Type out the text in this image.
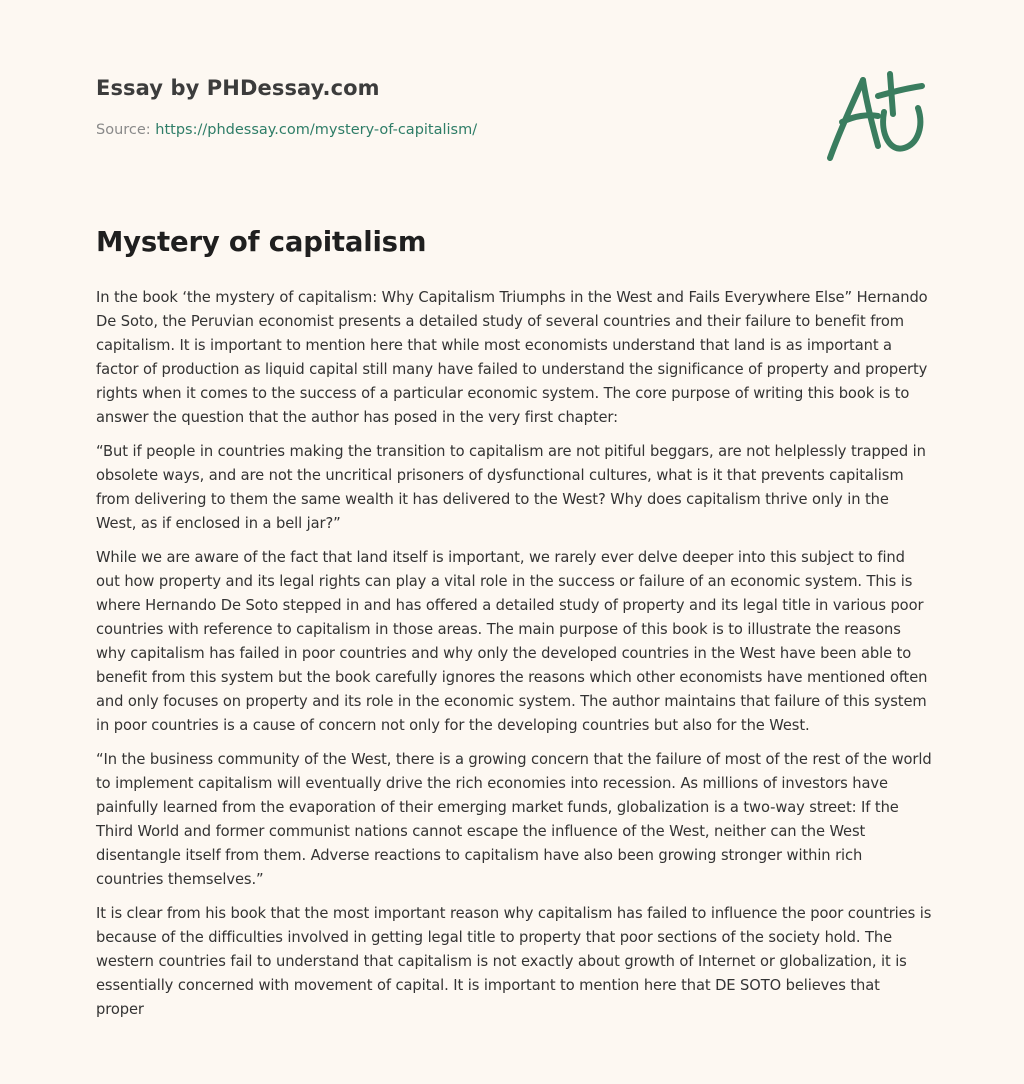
Essay by PHDessay.com
Source: https://phdessay.com/mystery-of-capitalism/
Mystery of capitalism

In the book ‘the mystery of capitalism: Why Capitalism Triumphs in the West and Fails Everywhere Else” Hernando De Soto, the Peruvian economist presents a detailed study of several countries and their failure to benefit from capitalism. It is important to mention here that while most economists understand that land is as important a factor of production as liquid capital still many have failed to understand the significance of property and property rights when it comes to the success of a particular economic system. The core purpose of writing this book is to answer the question that the author has posed in the very first chapter:

“But if people in countries making the transition to capitalism are not pitiful beggars, are not helplessly trapped in obsolete ways, and are not the uncritical prisoners of dysfunctional cultures, what is it that prevents capitalism from delivering to them the same wealth it has delivered to the West? Why does capitalism thrive only in the West, as if enclosed in a bell jar?”

While we are aware of the fact that land itself is important, we rarely ever delve deeper into this subject to find out how property and its legal rights can play a vital role in the success or failure of an economic system. This is where Hernando De Soto stepped in and has offered a detailed study of property and its legal title in various poor countries with reference to capitalism in those areas. The main purpose of this book is to illustrate the reasons why capitalism has failed in poor countries and why only the developed countries in the West have been able to benefit from this system but the book carefully ignores the reasons which other economists have mentioned often and only focuses on property and its role in the economic system. The author maintains that failure of this system in poor countries is a cause of concern not only for the developing countries but also for the West.

“In the business community of the West, there is a growing concern that the failure of most of the rest of the world to implement capitalism will eventually drive the rich economies into recession. As millions of investors have painfully learned from the evaporation of their emerging market funds, globalization is a two-way street: If the Third World and former communist nations cannot escape the influence of the West, neither can the West disentangle itself from them. Adverse reactions to capitalism have also been growing stronger within rich countries themselves.”

It is clear from his book that the most important reason why capitalism has failed to influence the poor countries is because of the difficulties involved in getting legal title to property that poor sections of the society hold. The western countries fail to understand that capitalism is not exactly about growth of Internet or globalization, it is essentially concerned with movement of capital. It is important to mention here that DE SOTO believes that proper
